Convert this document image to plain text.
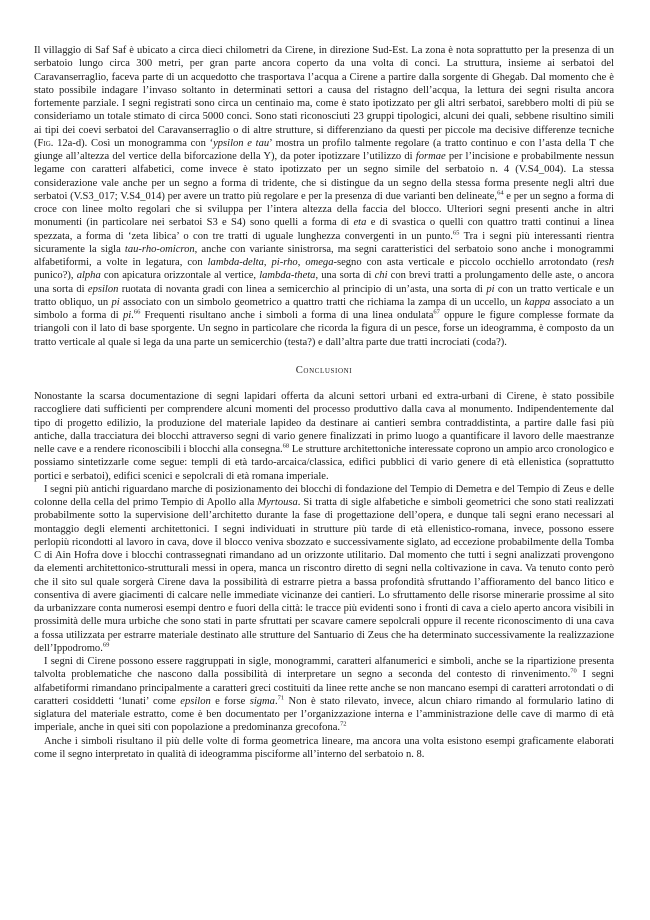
Il villaggio di Saf Saf è ubicato a circa dieci chilometri da Cirene, in direzione Sud-Est. La zona è nota soprattutto per la presenza di un serbatoio lungo circa 300 metri, per gran parte ancora coperto da una volta di conci. La struttura, insieme ai serbatoi del Caravanserraglio, faceva parte di un acquedotto che trasportava l’acqua a Cirene a partire dalla sorgente di Ghegab. Dal momento che è stato possibile indagare l’invaso soltanto in determinati settori a causa del ristagno dell’acqua, la lettura dei segni risulta ancora fortemente parziale. I segni registrati sono circa un centinaio ma, come è stato ipotizzato per gli altri serbatoi, sarebbero molti di più se consideriamo un totale stimato di circa 5000 conci. Sono stati riconosciuti 23 gruppi tipologici, alcuni dei quali, sebbene risultino simili ai tipi dei coevi serbatoi del Caravanserraglio o di altre strutture, si differenziano da questi per piccole ma decisive differenze tecniche (Fig. 12a-d). Così un monogramma con ‘ypsilon e tau’ mostra un profilo talmente regolare (a tratto continuo e con l’asta della T che giunge all’altezza del vertice della biforcazione della Y), da poter ipotizzare l’utilizzo di formae per l’incisione e probabilmente nessun legame con caratteri alfabetici, come invece è stato ipotizzato per un segno simile del serbatoio n. 4 (V.S4_004). La stessa considerazione vale anche per un segno a forma di tridente, che si distingue da un segno della stessa forma presente negli altri due serbatoi (V.S3_017; V.S4_014) per avere un tratto più regolare e per la presenza di due varianti ben delineate,$^{64}$ e per un segno a forma di croce con linee molto regolari che si sviluppa per l’intera altezza della faccia del blocco. Ulteriori segni presenti anche in altri monumenti (in particolare nei serbatoi S3 e S4) sono quelli a forma di eta e di svastica o quelli con quattro tratti continui a linea spezzata, a forma di ‘zeta libica’ o con tre tratti di uguale lunghezza convergenti in un punto.$^{65}$ Tra i segni più interessanti rientra sicuramente la sigla tau-rho-omicron, anche con variante sinistrorsa, ma segni caratteristici del serbatoio sono anche i monogrammi alfabetiformi, a volte in legatura, con lambda-delta, pi-rho, omega-segno con asta verticale e piccolo occhiello arrotondato (resh punico?), alpha con apicatura orizzontale al vertice, lambda-theta, una sorta di chi con brevi tratti a prolungamento delle aste, o ancora una sorta di epsilon ruotata di novanta gradi con linea a semicerchio al principio di un’asta, una sorta di pi con un tratto verticale e un tratto obliquo, un pi associato con un simbolo geometrico a quattro tratti che richiama la zampa di un uccello, un kappa associato a un simbolo a forma di pi.$^{66}$ Frequenti risultano anche i simboli a forma di una linea ondulata$^{67}$ oppure le figure complesse formate da triangoli con il lato di base sporgente. Un segno in particolare che ricorda la figura di un pesce, forse un ideogramma, è composto da un tratto verticale al quale si lega da una parte un semicerchio (testa?) e dall’altra parte due tratti incrociati (coda?).

Conclusioni

Nonostante la scarsa documentazione di segni lapidari offerta da alcuni settori urbani ed extra-urbani di Cirene, è stato possibile raccogliere dati sufficienti per comprendere alcuni momenti del processo produttivo dalla cava al monumento. Indipendentemente dal tipo di progetto edilizio, la produzione del materiale lapideo da destinare ai cantieri sembra contraddistinta, a partire dalle fasi più antiche, dalla tracciatura dei blocchi attraverso segni di vario genere finalizzati in primo luogo a quantificare il lavoro delle maestranze nelle cave e a rendere riconoscibili i blocchi alla consegna.$^{68}$ Le strutture architettoniche interessate coprono un ampio arco cronologico e possiamo sintetizzarle come segue: templi di età tardo-arcaica/classica, edifici pubblici di vario genere di età ellenistica (soprattutto portici e serbatoi), edifici scenici e sepolcrali di età romana imperiale.

I segni più antichi riguardano marche di posizionamento dei blocchi di fondazione del Tempio di Demetra e del Tempio di Zeus e delle colonne della cella del primo Tempio di Apollo alla Myrtousa. Si tratta di sigle alfabetiche e simboli geometrici che sono stati realizzati probabilmente sotto la supervisione dell’architetto durante la fase di progettazione dell’opera, e dunque tali segni erano necessari al montaggio degli elementi architettonici. I segni individuati in strutture più tarde di età ellenistico-romana, invece, possono essere perlopiù ricondotti al lavoro in cava, dove il blocco veniva sbozzato e successivamente siglato, ad eccezione probabilmente della Tomba C di Ain Hofra dove i blocchi contrassegnati rimandano ad un orizzonte utilitario. Dal momento che tutti i segni analizzati provengono da elementi architettonico-strutturali messi in opera, manca un riscontro diretto di segni nella coltivazione in cava. Va tenuto conto però che il sito sul quale sorgerà Cirene dava la possibilità di estrarre pietra a bassa profondità sfruttando l’affioramento del banco litico e consentiva di avere giacimenti di calcare nelle immediate vicinanze dei cantieri. Lo sfruttamento delle risorse minerarie prossime al sito da urbanizzare conta numerosi esempi dentro e fuori della città: le tracce più evidenti sono i fronti di cava a cielo aperto ancora visibili in prossimità delle mura urbiche che sono stati in parte sfruttati per scavare camere sepolcrali oppure il recente riconoscimento di una cava a fossa utilizzata per estrarre materiale destinato alle strutture del Santuario di Zeus che ha determinato successivamente la realizzazione dell’Ippodromo.$^{69}$

I segni di Cirene possono essere raggruppati in sigle, monogrammi, caratteri alfanumerici e simboli, anche se la ripartizione presenta talvolta problematiche che nascono dalla possibilità di interpretare un segno a seconda del contesto di rinvenimento.$^{70}$ I segni alfabetiformi rimandano principalmente a caratteri greci costituiti da linee rette anche se non mancano esempi di caratteri arrotondati o di caratteri cosiddetti ‘lunati’ come epsilon e forse sigma.$^{71}$ Non è stato rilevato, invece, alcun chiaro rimando al formulario latino di siglatura del materiale estratto, come è ben documentato per l’organizzazione interna e l’amministrazione delle cave di marmo di età imperiale, anche in quei siti con popolazione a predominanza grecofona.$^{72}$

Anche i simboli risultano il più delle volte di forma geometrica lineare, ma ancora una volta esistono esempi graficamente elaborati come il segno interpretato in qualità di ideogramma pisciforme all’interno del serbatoio n. 8.
